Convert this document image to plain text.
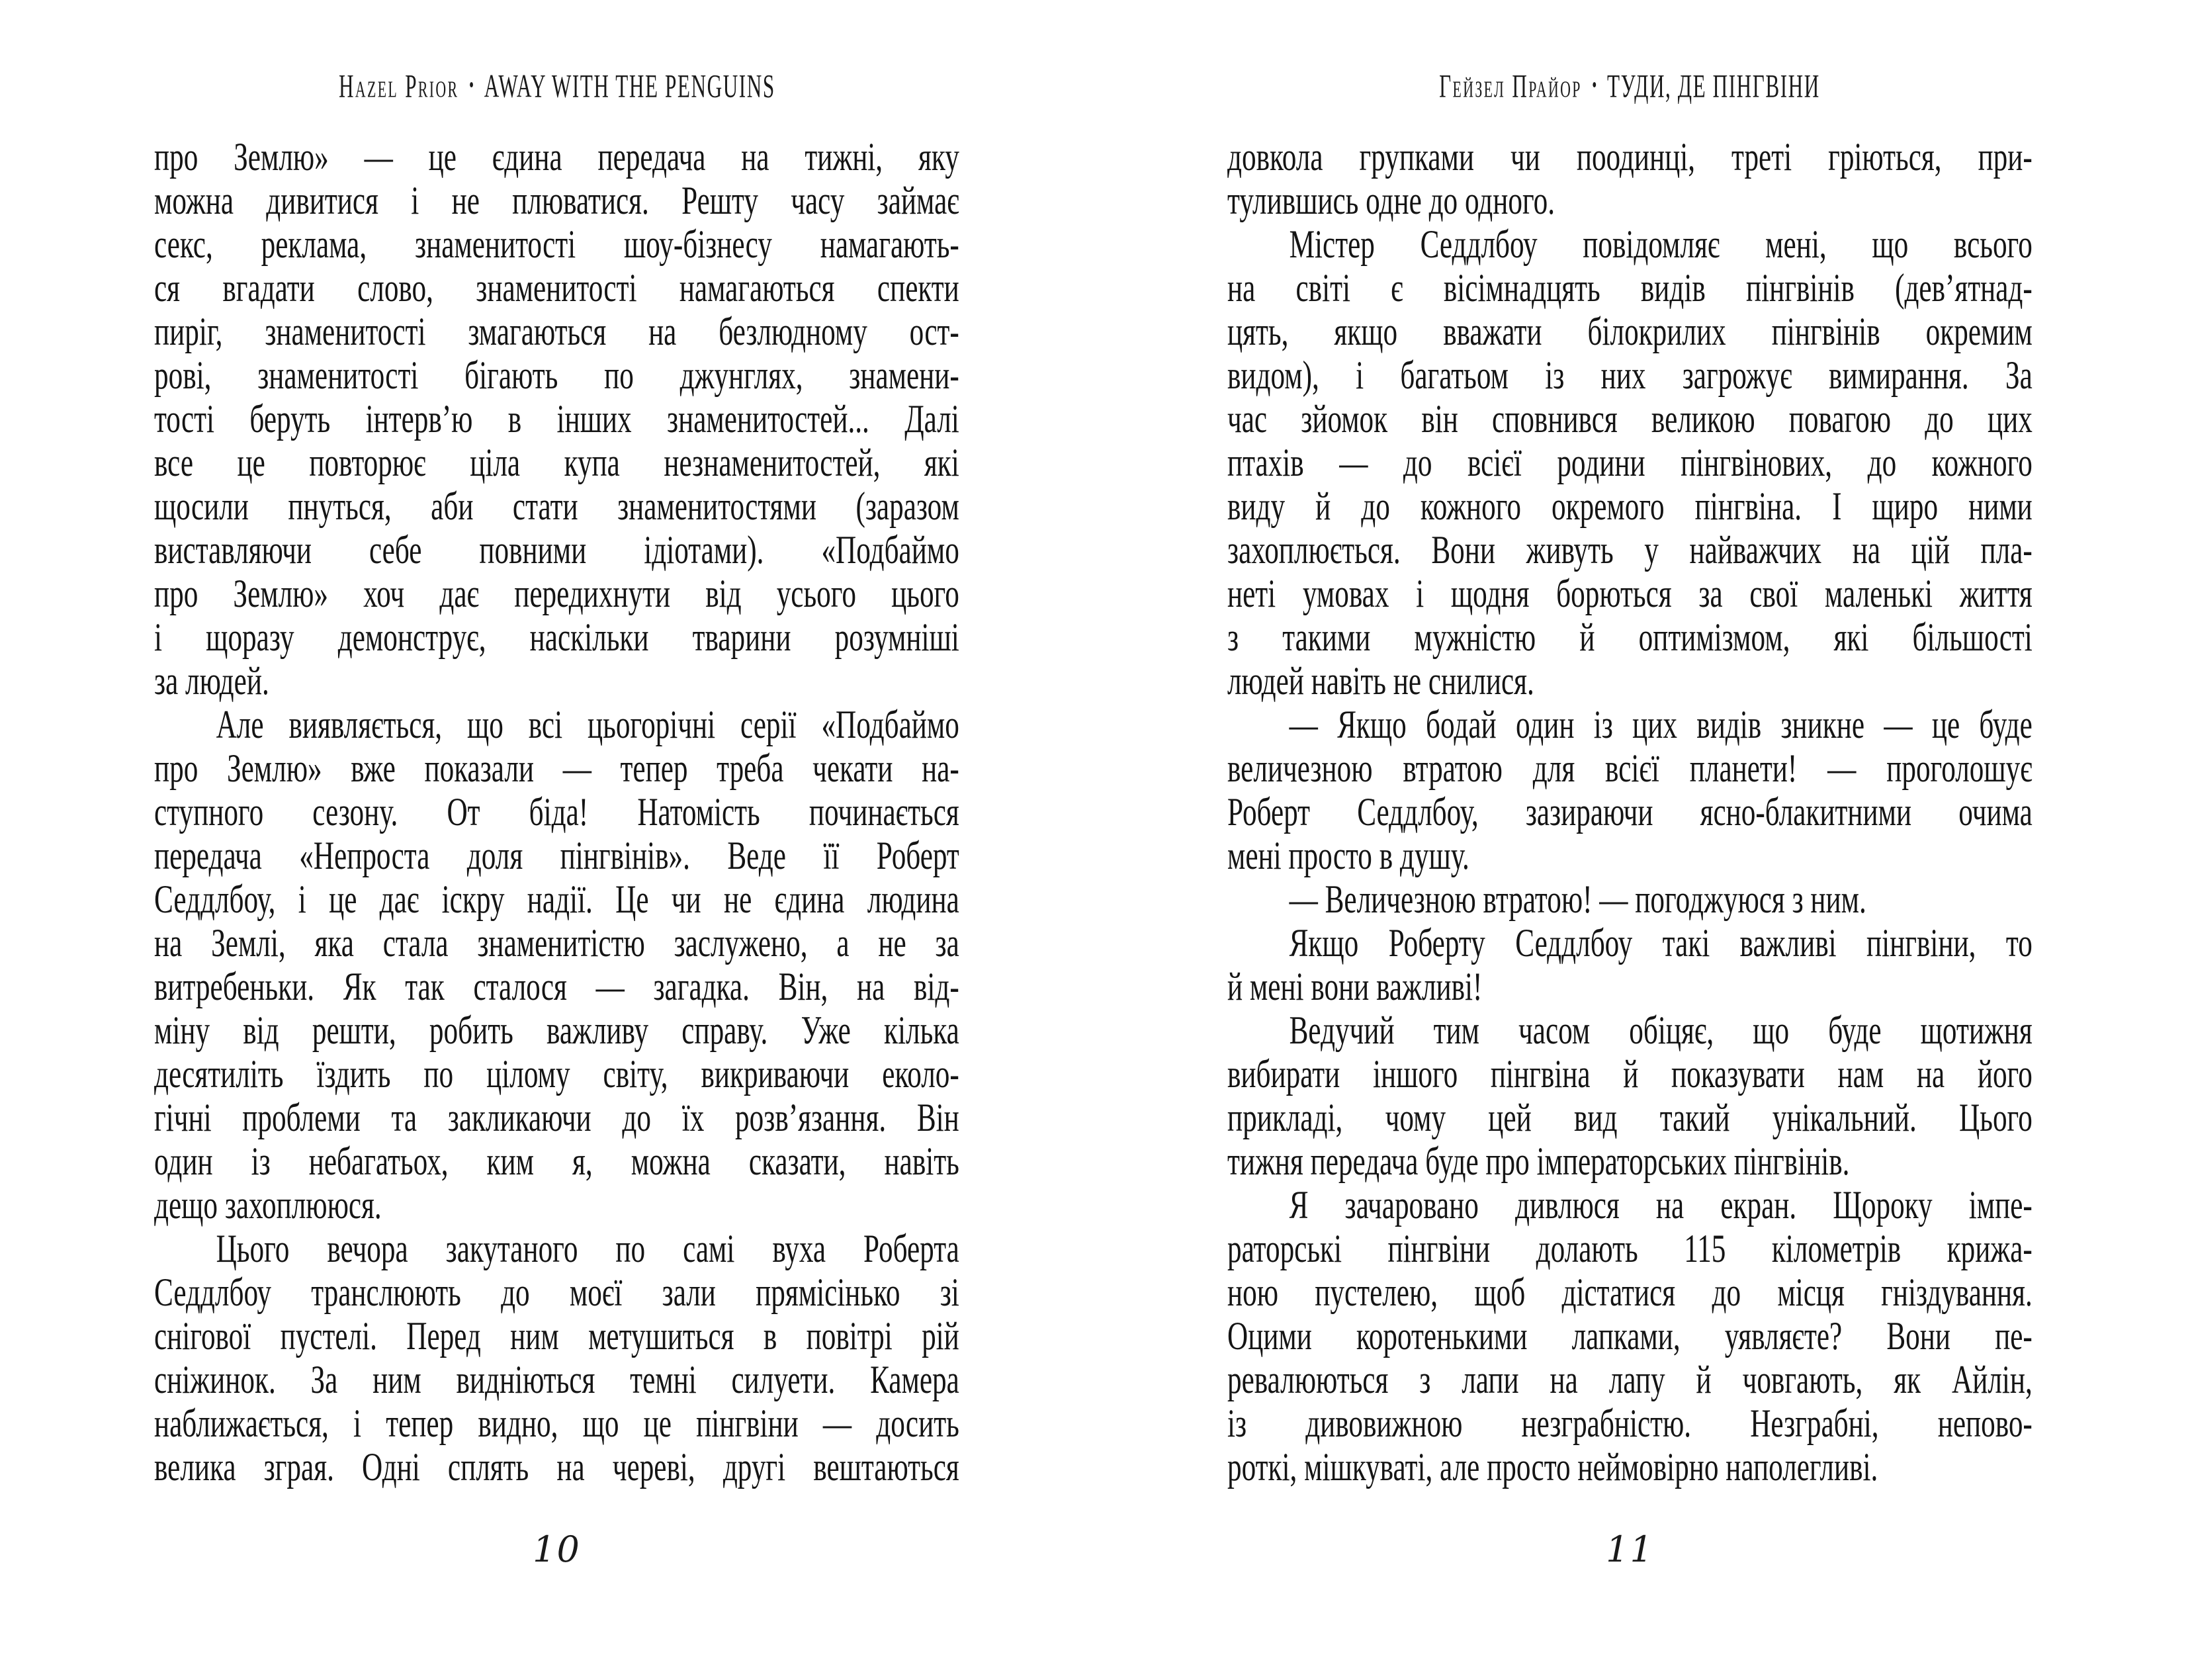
Hazel Prior • AWAY WITH THE PENGUINS
про Землю» — це єдина передача на тижні, яку
можна дивитися і не плюватися. Решту часу займає
секс, реклама, знаменитості шоу-бізнесу намагають-
ся вгадати слово, знаменитості намагаються спекти
пиріг, знаменитості змагаються на безлюдному ост-
рові, знаменитості бігають по джунглях, знамени-
тості беруть інтерв’ю в інших знаменитостей... Далі
все це повторює ціла купа незнаменитостей, які
щосили пнуться, аби стати знаменитостями (заразом
виставляючи себе повними ідіотами). «Подбаймо
про Землю» хоч дає передихнути від усього цього
і щоразу демонструє, наскільки тварини розумніші
за людей.
Але виявляється, що всі цьогорічні серії «Подбаймо
про Землю» вже показали — тепер треба чекати на-
ступного сезону. От біда! Натомість починається
передача «Непроста доля пінгвінів». Веде її Роберт
Седдлбоу, і це дає іскру надії. Це чи не єдина людина
на Землі, яка стала знаменитістю заслужено, а не за
витребеньки. Як так сталося — загадка. Він, на від-
міну від решти, робить важливу справу. Уже кілька
десятиліть їздить по цілому світу, викриваючи еколо-
гічні проблеми та закликаючи до їх розв’язання. Він
один із небагатьох, ким я, можна сказати, навіть
дещо захоплююся.
Цього вечора закутаного по самі вуха Роберта
Седдлбоу транслюють до моєї зали прямісінько зі
снігової пустелі. Перед ним метушиться в повітрі рій
сніжинок. За ним видніються темні силуети. Камера
наближається, і тепер видно, що це пінгвіни — досить
велика зграя. Одні сплять на череві, другі вештаються
10
Гейзел Прайор • ТУДИ, ДЕ ПІНГВІНИ
довкола групками чи поодинці, треті гріються, при-
тулившись одне до одного.
Містер Седдлбоу повідомляє мені, що всього
на світі є вісімнадцять видів пінгвінів (дев’ятнад-
цять, якщо вважати білокрилих пінгвінів окремим
видом), і багатьом із них загрожує вимирання. За
час зйомок він сповнився великою повагою до цих
птахів — до всієї родини пінгвінових, до кожного
виду й до кожного окремого пінгвіна. І щиро ними
захоплюється. Вони живуть у найважчих на цій пла-
неті умовах і щодня борються за свої маленькі життя
з такими мужністю й оптимізмом, які більшості
людей навіть не снилися.
— Якщо бодай один із цих видів зникне — це буде
величезною втратою для всієї планети! — проголошує
Роберт Седдлбоу, зазираючи ясно-блакитними очима
мені просто в душу.
— Величезною втратою! — погоджуюся з ним.
Якщо Роберту Седдлбоу такі важливі пінгвіни, то
й мені вони важливі!
Ведучий тим часом обіцяє, що буде щотижня
вибирати іншого пінгвіна й показувати нам на його
прикладі, чому цей вид такий унікальний. Цього
тижня передача буде про імператорських пінгвінів.
Я зачаровано дивлюся на екран. Щороку імпе-
раторські пінгвіни долають 115 кілометрів крижа-
ною пустелею, щоб дістатися до місця гніздування.
Оцими коротенькими лапками, уявляєте? Вони пе-
ревалюються з лапи на лапу й човгають, як Айлін,
із дивовижною незграбністю. Незграбні, непово-
роткі, мішкуваті, але просто неймовірно наполегливі.
11
